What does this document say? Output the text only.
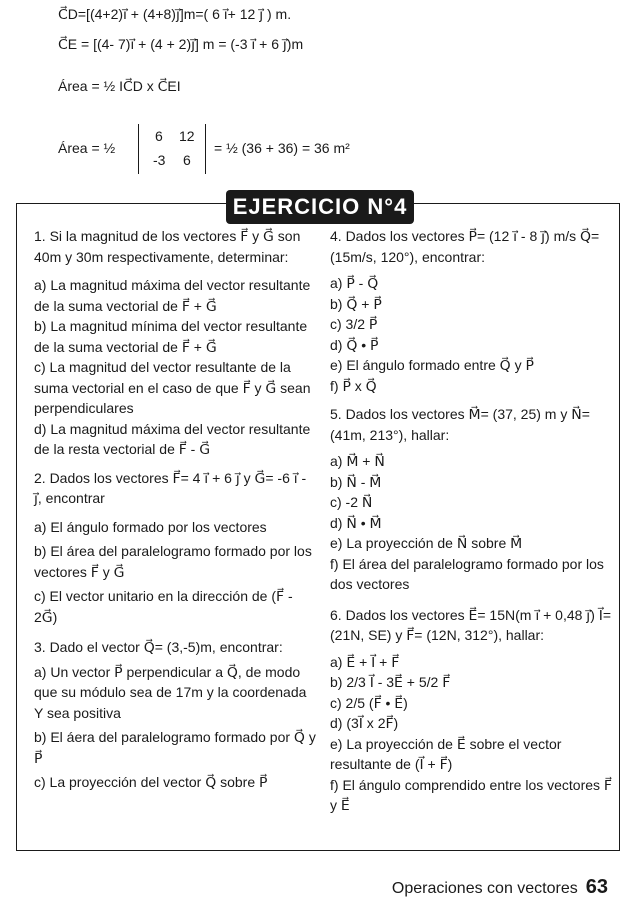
C⃗D=[(4+2)i⃗ + (4+8)j⃗]m=( 6 i⃗+ 12 j⃗ ) m.
C⃗E = [(4- 7)i⃗ + (4 + 2)j⃗] m = (-3 i⃗ + 6 j⃗)m
Área = ½ IC⃗D x C⃗EI
Área = ½
6 12
-3 6
= ½ (36 + 36) = 36 m²
EJERCICIO N°4

1. Si la magnitud de los vectores F⃗ y G⃗ son 40m y 30m respectivamente, determinar:

a) La magnitud máxima del vector resultante de la suma vectorial de F⃗ + G⃗

b) La magnitud mínima del vector resultante de la suma vectorial de F⃗ + G⃗

c) La magnitud del vector resultante de la suma vectorial en el caso de que F⃗ y G⃗ sean perpendiculares

d) La magnitud máxima del vector resultante de la resta vectorial de F⃗ - G⃗

2. Dados los vectores F⃗= 4 i⃗ + 6 j⃗ y G⃗= -6 i⃗ - j⃗, encontrar

a) El ángulo formado por los vectores

b) El área del paralelogramo formado por los vectores F⃗ y G⃗

c) El vector unitario en la dirección de (F⃗ - 2G⃗)

3. Dado el vector Q⃗= (3,-5)m, encontrar:

a) Un vector P⃗ perpendicular a Q⃗, de modo que su módulo sea de 17m y la coordenada Y sea positiva

b) El áera del paralelogramo formado por Q⃗ y P⃗

c) La proyección del vector Q⃗ sobre P⃗

4. Dados los vectores P⃗= (12 i⃗ - 8 j⃗) m/s Q⃗= (15m/s, 120°), encontrar:

a) P⃗ - Q⃗

b) Q⃗ + P⃗

c) 3/2 P⃗

d) Q⃗ • P⃗

e) El ángulo formado entre Q⃗ y P⃗

f) P⃗ x Q⃗

5. Dados los vectores M⃗= (37, 25) m y N⃗= (41m, 213°), hallar:

a) M⃗ + N⃗

b) N⃗ - M⃗

c) -2 N⃗

d) N⃗ • M⃗

e) La proyección de N⃗ sobre M⃗

f) El área del paralelogramo formado por los dos vectores

6. Dados los vectores E⃗= 15N(m i⃗ + 0,48 j⃗) I⃗= (21N, SE) y F⃗= (12N, 312°), hallar:

a) E⃗ + I⃗ + F⃗

b) 2/3 I⃗ - 3E⃗ + 5/2 F⃗

c) 2/5 (F⃗ • E⃗)

d) (3I⃗ x 2F⃗)

e) La proyección de E⃗ sobre el vector resultante de (I⃗ + F⃗)

f) El ángulo comprendido entre los vectores F⃗ y E⃗

Operaciones con vectores 63
